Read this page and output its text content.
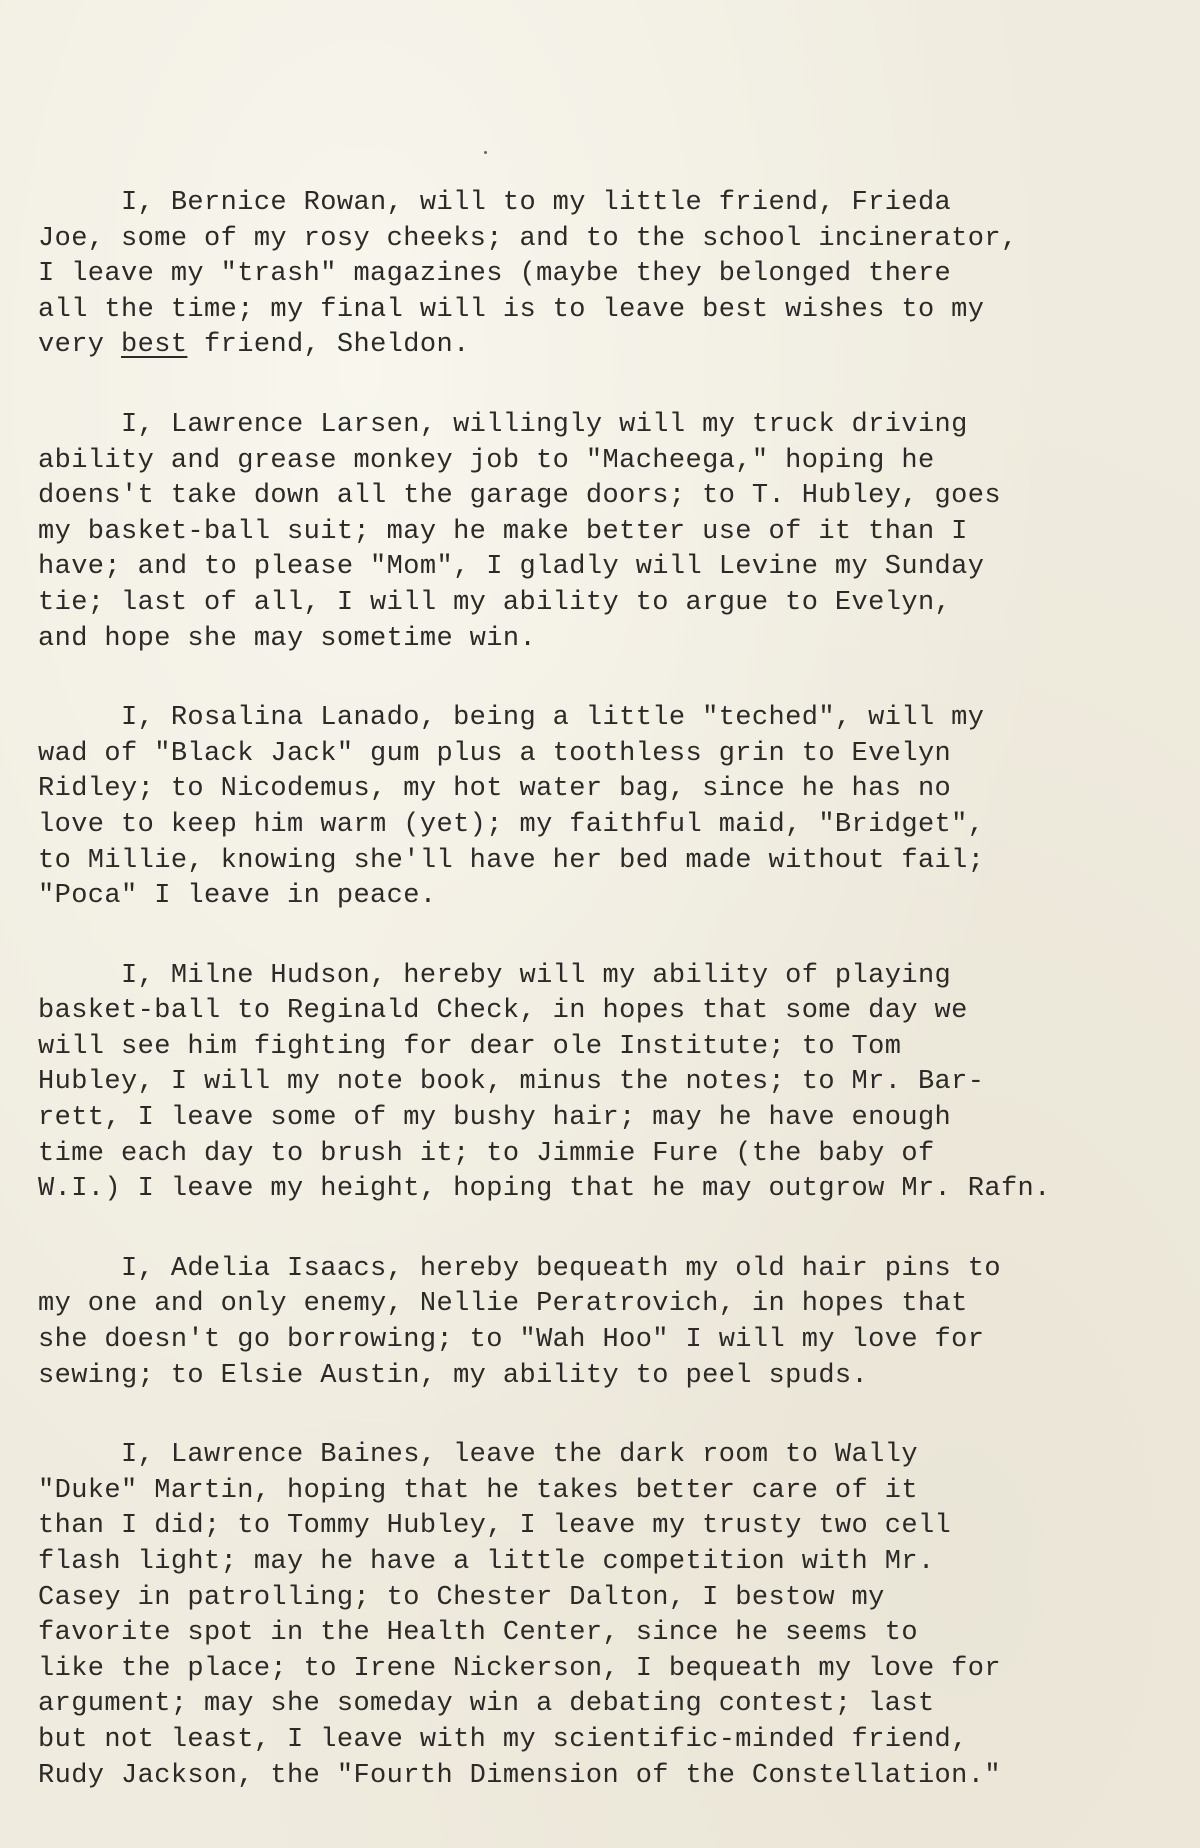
I, Bernice Rowan, will to my little friend, Frieda
Joe, some of my rosy cheeks; and to the school incinerator,
I leave my "trash" magazines (maybe they belonged there
all the time; my final will is to leave best wishes to my
very best friend, Sheldon.
I, Lawrence Larsen, willingly will my truck driving
ability and grease monkey job to "Macheega," hoping he
doens't take down all the garage doors; to T. Hubley, goes
my basket-ball suit; may he make better use of it than I
have; and to please "Mom", I gladly will Levine my Sunday
tie; last of all, I will my ability to argue to Evelyn,
and hope she may sometime win.
I, Rosalina Lanado, being a little "teched", will my
wad of "Black Jack" gum plus a toothless grin to Evelyn
Ridley; to Nicodemus, my hot water bag, since he has no
love to keep him warm (yet); my faithful maid, "Bridget",
to Millie, knowing she'll have her bed made without fail;
"Poca" I leave in peace.
I, Milne Hudson, hereby will my ability of playing
basket-ball to Reginald Check, in hopes that some day we
will see him fighting for dear ole Institute; to Tom
Hubley, I will my note book, minus the notes; to Mr. Bar-
rett, I leave some of my bushy hair; may he have enough
time each day to brush it; to Jimmie Fure (the baby of
W.I.) I leave my height, hoping that he may outgrow Mr. Rafn.
I, Adelia Isaacs, hereby bequeath my old hair pins to
my one and only enemy, Nellie Peratrovich, in hopes that
she doesn't go borrowing; to "Wah Hoo" I will my love for
sewing; to Elsie Austin, my ability to peel spuds.
I, Lawrence Baines, leave the dark room to Wally
"Duke" Martin, hoping that he takes better care of it
than I did; to Tommy Hubley, I leave my trusty two cell
flash light; may he have a little competition with Mr.
Casey in patrolling; to Chester Dalton, I bestow my
favorite spot in the Health Center, since he seems to
like the place; to Irene Nickerson, I bequeath my love for
argument; may she someday win a debating contest; last
but not least, I leave with my scientific-minded friend,
Rudy Jackson, the "Fourth Dimension of the Constellation."
